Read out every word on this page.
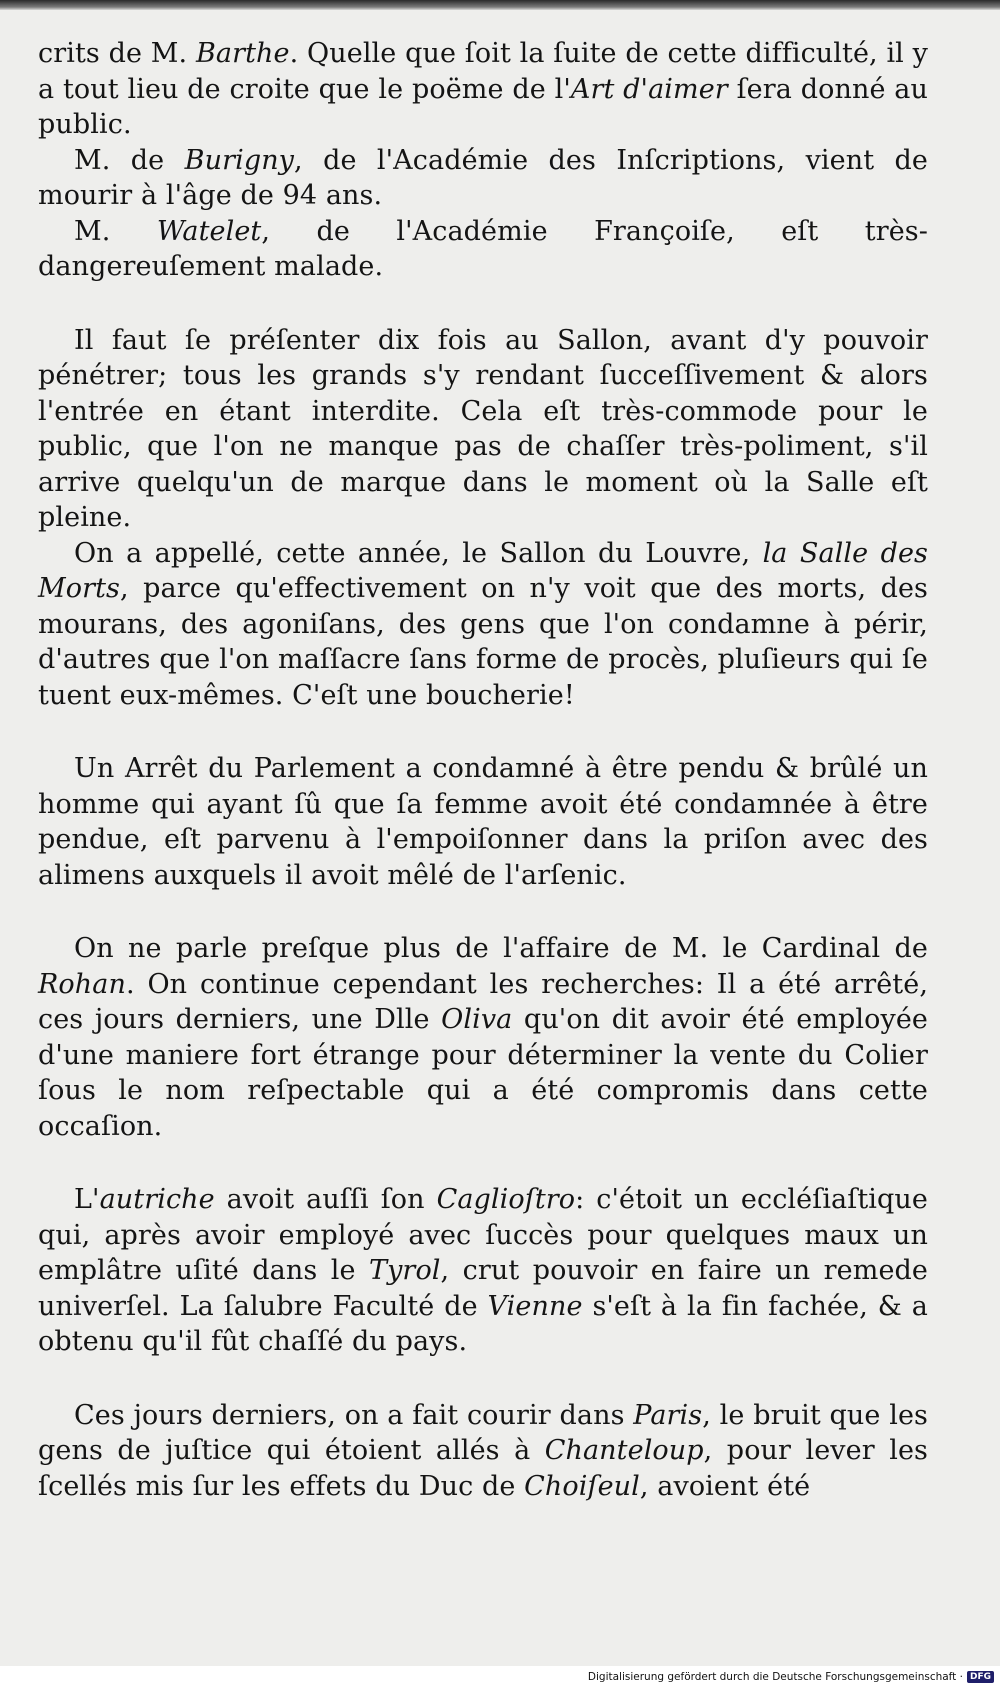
crits de M. Barthe. Quelle que ſoit la ſuite de cette difficulté, il y a tout lieu de croite que le poëme de l'Art d'aimer ſera donné au public.

M. de Burigny, de l'Académie des Inſcriptions, vient de mourir à l'âge de 94 ans.

M. Watelet, de l'Académie Françoiſe, eſt très-dangereuſement malade.

Il faut ſe préſenter dix fois au Sallon, avant d'y pouvoir pénétrer; tous les grands s'y rendant ſucceſſivement & alors l'entrée en étant interdite. Cela eſt très-commode pour le public, que l'on ne manque pas de chaſſer très-poliment, s'il arrive quelqu'un de marque dans le moment où la Salle eſt pleine.

On a appellé, cette année, le Sallon du Louvre, la Salle des Morts, parce qu'effectivement on n'y voit que des morts, des mourans, des agoniſans, des gens que l'on condamne à périr, d'autres que l'on maſſacre ſans forme de procès, pluſieurs qui ſe tuent eux-mêmes. C'eſt une boucherie!

Un Arrêt du Parlement a condamné à être pendu & brûlé un homme qui ayant ſû que ſa femme avoit été condamnée à être pendue, eſt parvenu à l'empoiſonner dans la priſon avec des alimens auxquels il avoit mêlé de l'arſenic.

On ne parle preſque plus de l'affaire de M. le Cardinal de Rohan. On continue cependant les recherches: Il a été arrêté, ces jours derniers, une Dlle Oliva qu'on dit avoir été employée d'une maniere fort étrange pour déterminer la vente du Colier ſous le nom reſpectable qui a été compromis dans cette occaſion.

L'autriche avoit auſſi ſon Caglioſtro: c'étoit un eccléſiaſtique qui, après avoir employé avec ſuccès pour quelques maux un emplâtre uſité dans le Tyrol, crut pouvoir en faire un remede univerſel. La ſalubre Faculté de Vienne s'eſt à la fin fachée, & a obtenu qu'il fût chaſſé du pays.

Ces jours derniers, on a fait courir dans Paris, le bruit que les gens de juſtice qui étoient allés à Chanteloup, pour lever les ſcellés mis ſur les effets du Duc de Choiſeul, avoient été

Digitalisierung gefördert durch die Deutsche Forschungsgemeinschaft · DFG
